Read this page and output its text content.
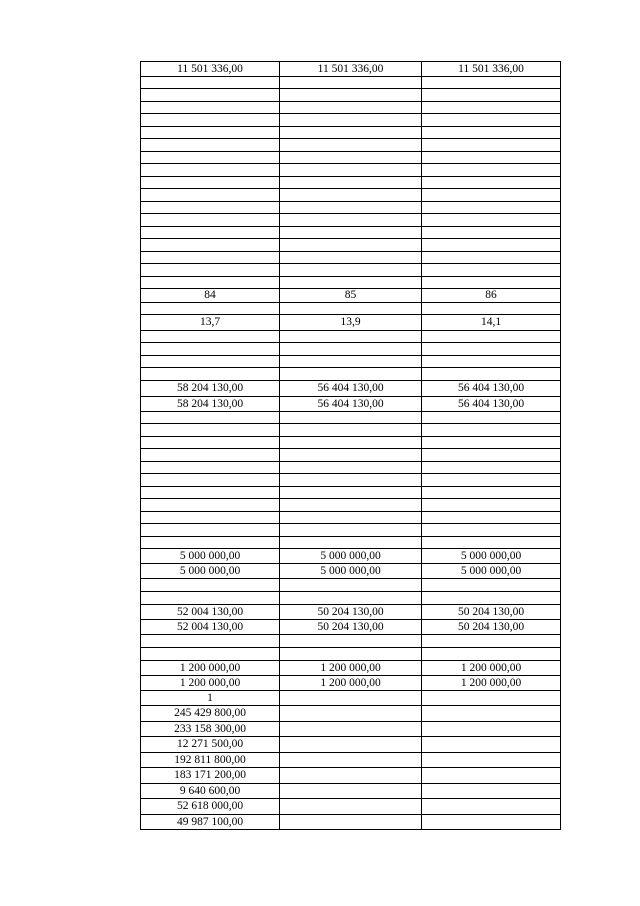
11 501 336,00	11 501 336,00	11 501 336,00

84	85	86

13,7	13,9	14,1

58 204 130,00	56 404 130,00	56 404 130,00
58 204 130,00	56 404 130,00	56 404 130,00

5 000 000,00	5 000 000,00	5 000 000,00
5 000 000,00	5 000 000,00	5 000 000,00

52 004 130,00	50 204 130,00	50 204 130,00
52 004 130,00	50 204 130,00	50 204 130,00

1 200 000,00	1 200 000,00	1 200 000,00
1 200 000,00	1 200 000,00	1 200 000,00
1		
245 429 800,00		
233 158 300,00		
12 271 500,00		
192 811 800,00		
183 171 200,00		
9 640 600,00		
52 618 000,00		
49 987 100,00		
